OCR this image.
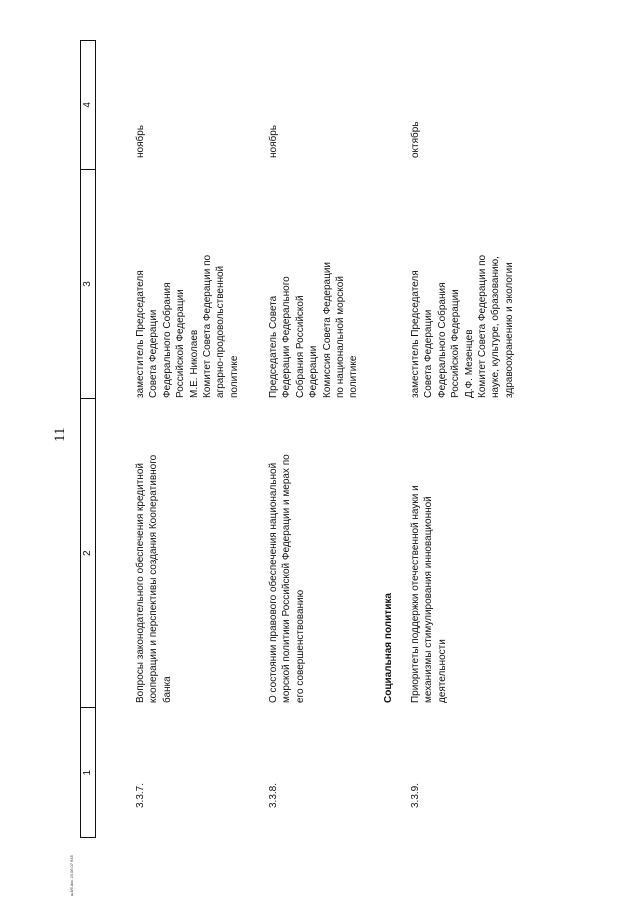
11
ш3/6.doc 23.06.07 645
1
2
3
4
3.3.7.
Вопросы законодательного обеспечения кредитной
кооперации и перспективы создания Кооперативного
банка
заместитель Председателя
Совета Федерации
Федерального Собрания
Российской Федерации
М.Е. Николаев
Комитет Совета Федерации по
аграрно-продовольственной
политике
ноябрь
3.3.8.
О состоянии правового обеспечения национальной
морской политики Российской Федерации и мерах по
его совершенствованию
Председатель Совета
Федерации Федерального
Собрания Российской
Федерации
Комиссия Совета Федерации
по национальной морской
политике
ноябрь
Социальная политика
3.3.9.
Приоритеты поддержки отечественной науки и
механизмы стимулирования инновационной
деятельности
заместитель Председателя
Совета Федерации
Федерального Собрания
Российской Федерации
Д.Ф. Мезенцев
Комитет Совета Федерации по
науке, культуре, образованию,
здравоохранению и экологии
октябрь
